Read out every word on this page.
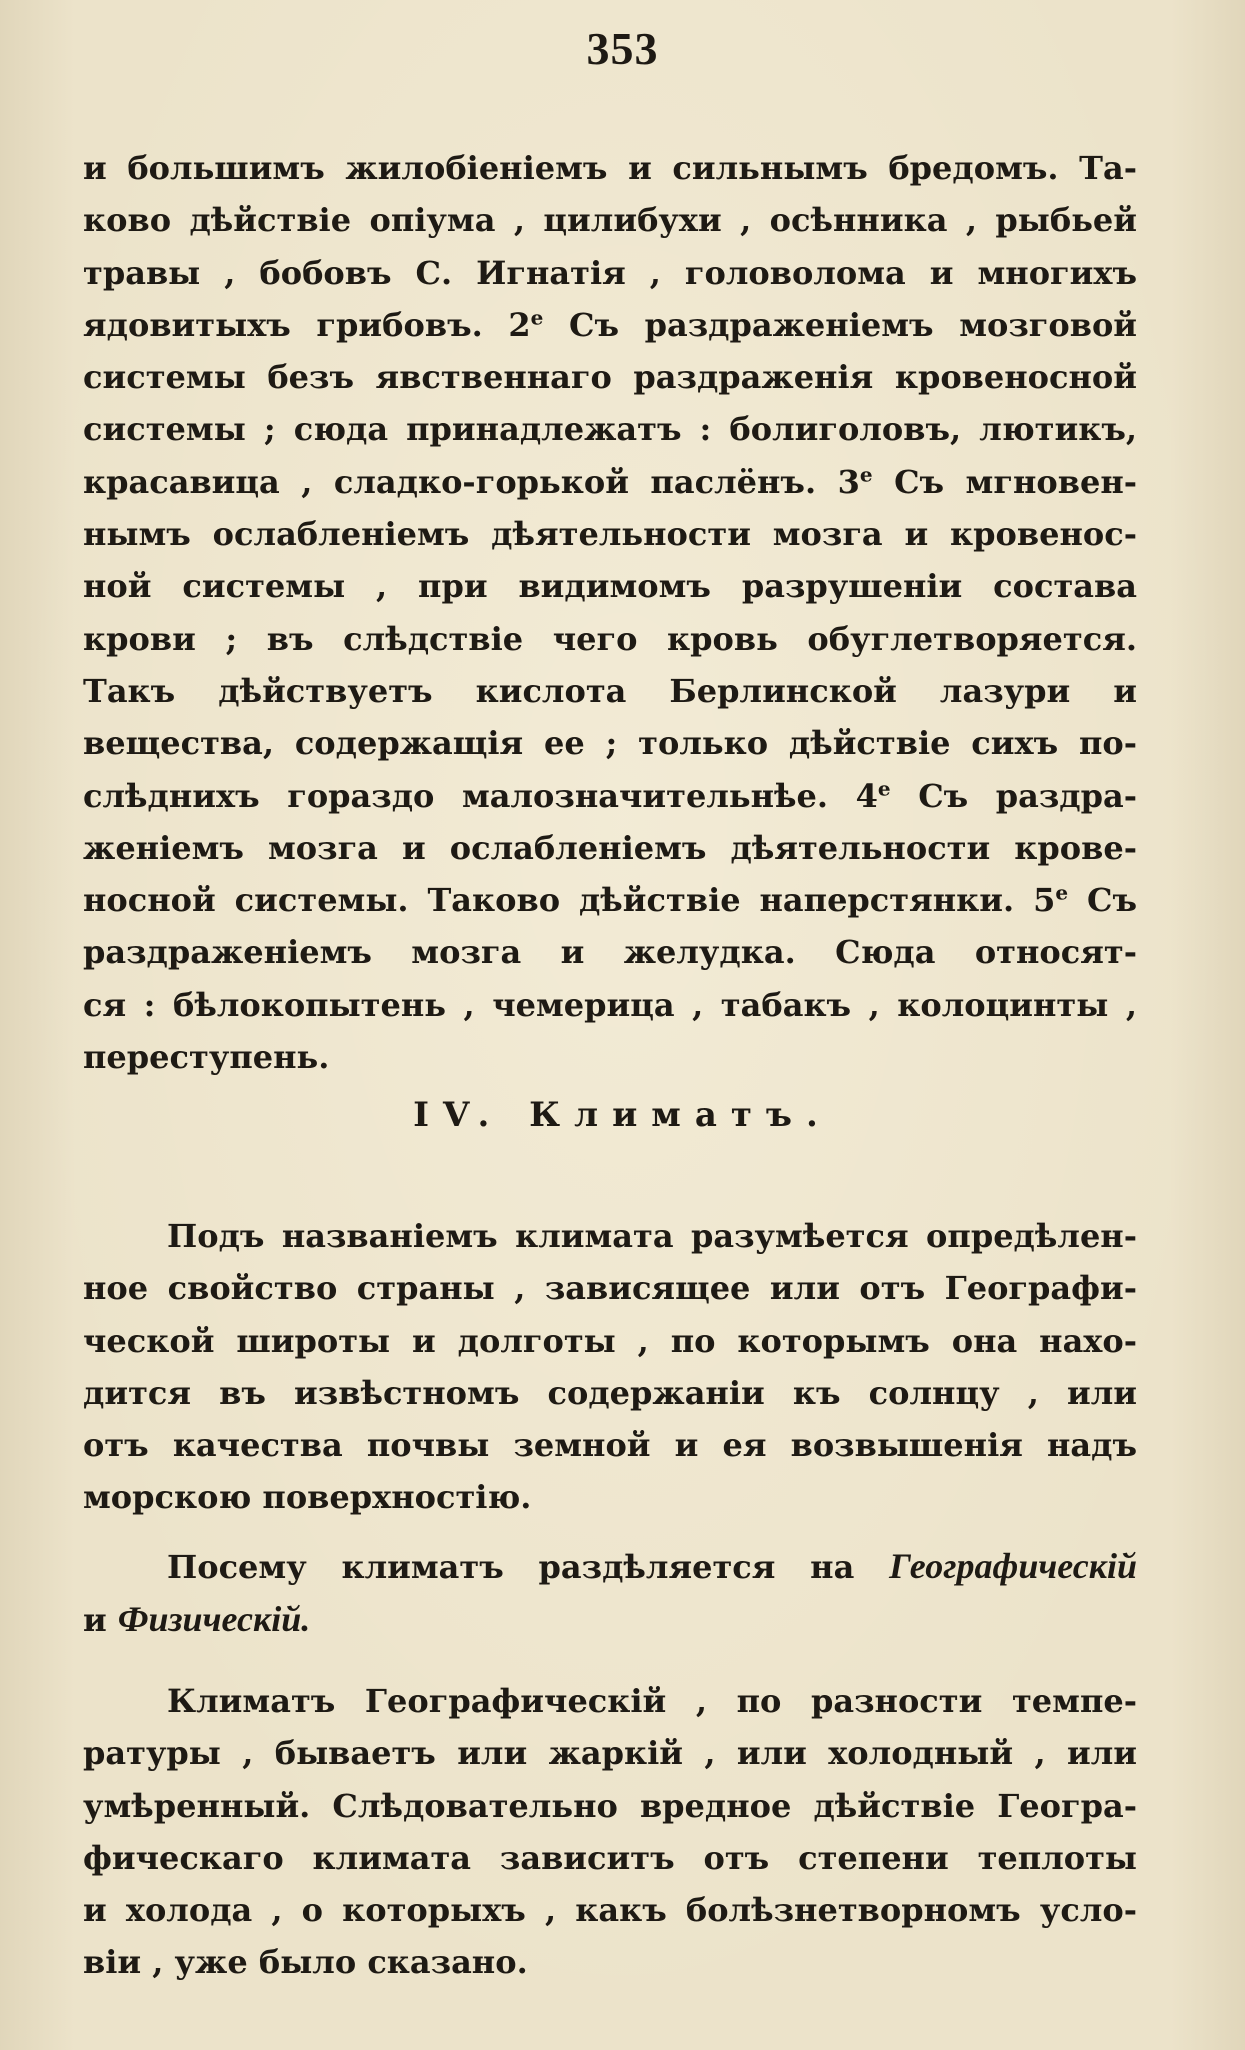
353
и большимъ жилобіеніемъ и сильнымъ бредомъ. Та-
ково дѣйствіе опіума , цилибухи , осѣнника , рыбьей
травы , бобовъ С. Игнатія , головолома и многихъ
ядовитыхъ грибовъ. $2^е$ Съ раздраженіемъ мозговой
системы безъ явственнаго раздраженія кровеносной
системы ; сюда принадлежатъ : болиголовъ, лютикъ,
красавица , сладко-горькой паслёнъ. $3^е$ Съ мгновен-
нымъ ослабленіемъ дѣятельности мозга и кровенос-
ной системы , при видимомъ разрушеніи состава
крови ; въ слѣдствіе чего кровь обуглетворяется.
Такъ дѣйствуетъ кислота Берлинской лазури и
вещества, содержащія ее ; только дѣйствіе сихъ по-
слѣднихъ гораздо малозначительнѣе. $4^е$ Съ раздра-
женіемъ мозга и ослабленіемъ дѣятельности крове-
носной системы. Таково дѣйствіе наперстянки. $5^е$ Съ
раздраженіемъ мозга и желудка. Сюда относят-
ся : бѣлокопытень , чемерица , табакъ , колоцинты ,
переступень.
IV. Климатъ.
Подъ названіемъ климата разумѣется опредѣлен-
ное свойство страны , зависящее или отъ Географи-
ческой широты и долготы , по которымъ она нахо-
дится въ извѣстномъ содержаніи къ солнцу , или
отъ качества почвы земной и ея возвышенія надъ
морскою поверхностію.
Посему климатъ раздѣляется на Географическій
и Физическій.
Климатъ Географическій , по разности темпе-
ратуры , бываетъ или жаркій , или холодный , или
умѣренный. Слѣдовательно вредное дѣйствіе Геогра-
фическаго климата зависитъ отъ степени теплоты
и холода , о которыхъ , какъ болѣзнетворномъ усло-
віи , уже было сказано.
